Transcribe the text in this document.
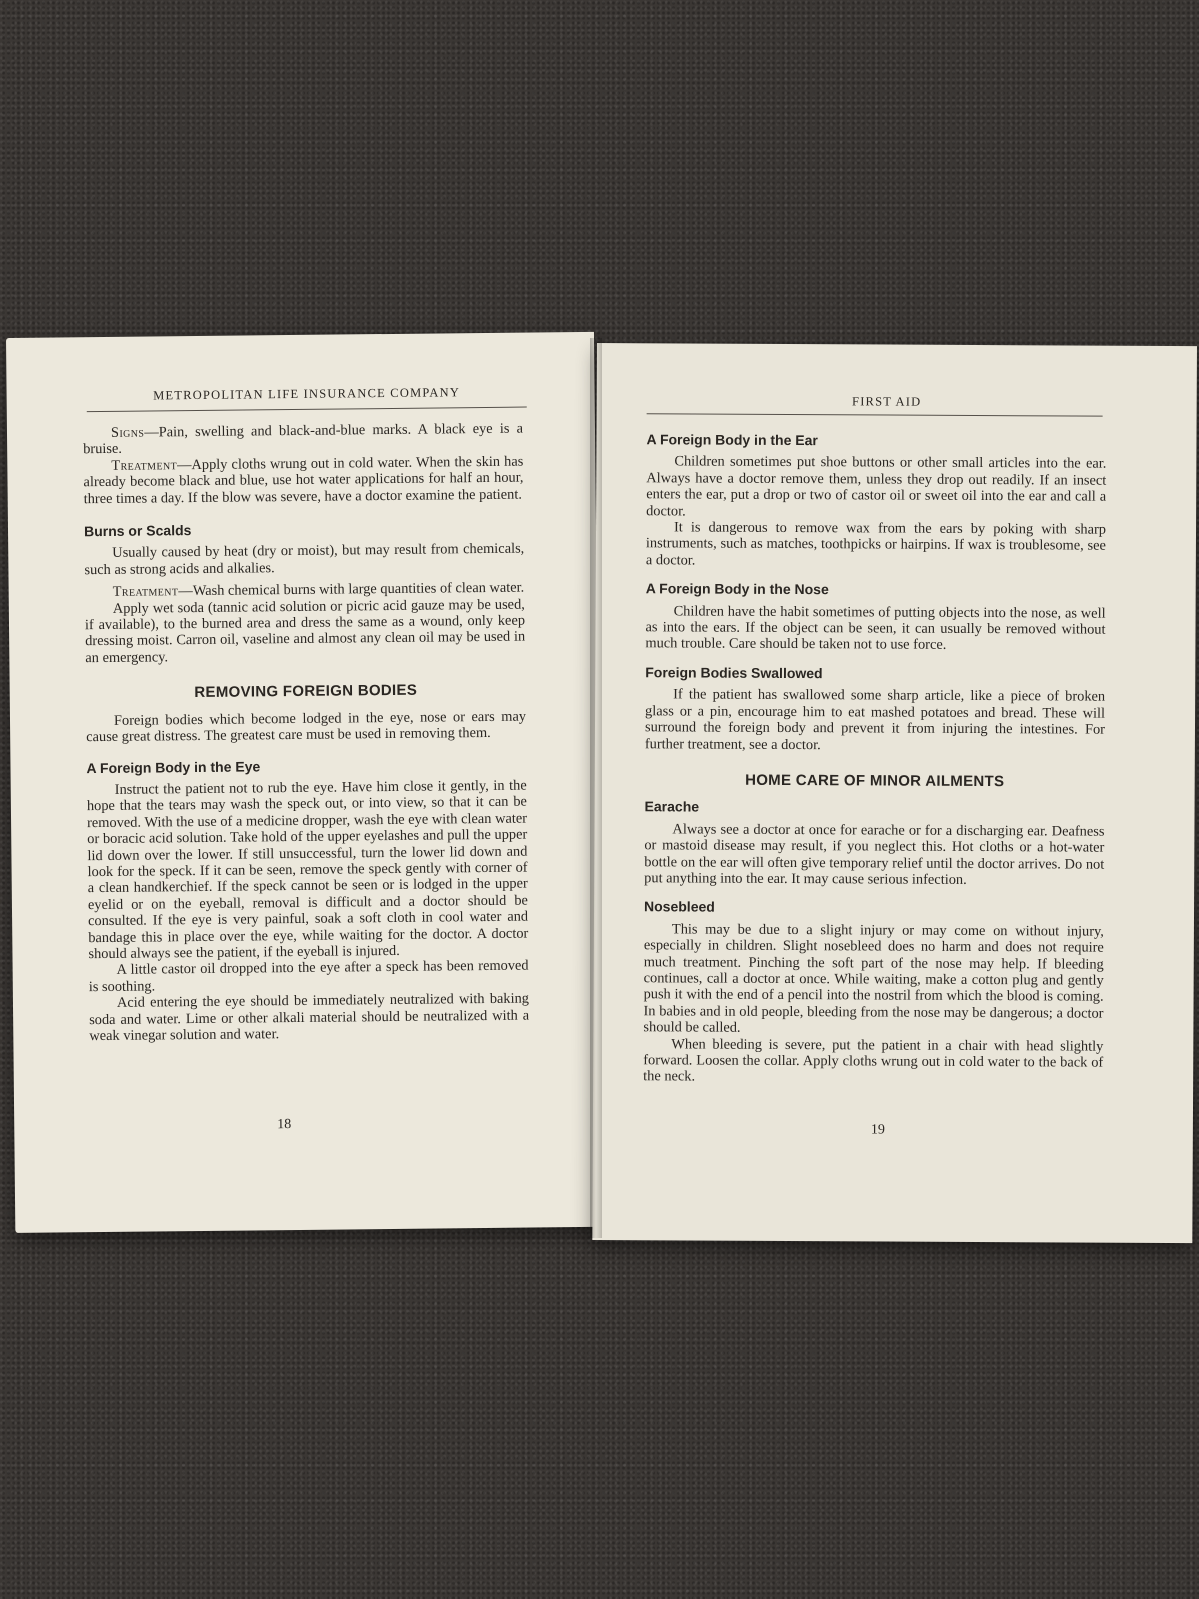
METROPOLITAN LIFE INSURANCE COMPANY

Signs—Pain, swelling and black-and-blue marks. A black eye is a bruise.

Treatment—Apply cloths wrung out in cold water. When the skin has already become black and blue, use hot water applications for half an hour, three times a day. If the blow was severe, have a doctor examine the patient.

Burns or Scalds

Usually caused by heat (dry or moist), but may result from chemicals, such as strong acids and alkalies.

Treatment—Wash chemical burns with large quantities of clean water.

Apply wet soda (tannic acid solution or picric acid gauze may be used, if available), to the burned area and dress the same as a wound, only keep dressing moist. Carron oil, vaseline and almost any clean oil may be used in an emergency.

REMOVING FOREIGN BODIES

Foreign bodies which become lodged in the eye, nose or ears may cause great distress. The greatest care must be used in removing them.

A Foreign Body in the Eye

Instruct the patient not to rub the eye. Have him close it gently, in the hope that the tears may wash the speck out, or into view, so that it can be removed. With the use of a medicine dropper, wash the eye with clean water or boracic acid solution. Take hold of the upper eyelashes and pull the upper lid down over the lower. If still unsuccessful, turn the lower lid down and look for the speck. If it can be seen, remove the speck gently with corner of a clean handkerchief. If the speck cannot be seen or is lodged in the upper eyelid or on the eyeball, removal is difficult and a doctor should be consulted. If the eye is very painful, soak a soft cloth in cool water and bandage this in place over the eye, while waiting for the doctor. A doctor should always see the patient, if the eyeball is injured.

A little castor oil dropped into the eye after a speck has been removed is soothing.

Acid entering the eye should be immediately neutralized with baking soda and water. Lime or other alkali material should be neutralized with a weak vinegar solution and water.

18
FIRST AID

A Foreign Body in the Ear

Children sometimes put shoe buttons or other small articles into the ear. Always have a doctor remove them, unless they drop out readily. If an insect enters the ear, put a drop or two of castor oil or sweet oil into the ear and call a doctor.

It is dangerous to remove wax from the ears by poking with sharp instruments, such as matches, toothpicks or hairpins. If wax is troublesome, see a doctor.

A Foreign Body in the Nose

Children have the habit sometimes of putting objects into the nose, as well as into the ears. If the object can be seen, it can usually be removed without much trouble. Care should be taken not to use force.

Foreign Bodies Swallowed

If the patient has swallowed some sharp article, like a piece of broken glass or a pin, encourage him to eat mashed potatoes and bread. These will surround the foreign body and prevent it from injuring the intestines. For further treatment, see a doctor.

HOME CARE OF MINOR AILMENTS

Earache

Always see a doctor at once for earache or for a discharging ear. Deafness or mastoid disease may result, if you neglect this. Hot cloths or a hot-water bottle on the ear will often give temporary relief until the doctor arrives. Do not put anything into the ear. It may cause serious infection.

Nosebleed

This may be due to a slight injury or may come on without injury, especially in children. Slight nosebleed does no harm and does not require much treatment. Pinching the soft part of the nose may help. If bleeding continues, call a doctor at once. While waiting, make a cotton plug and gently push it with the end of a pencil into the nostril from which the blood is coming. In babies and in old people, bleeding from the nose may be dangerous; a doctor should be called.

When bleeding is severe, put the patient in a chair with head slightly forward. Loosen the collar. Apply cloths wrung out in cold water to the back of the neck.

19
